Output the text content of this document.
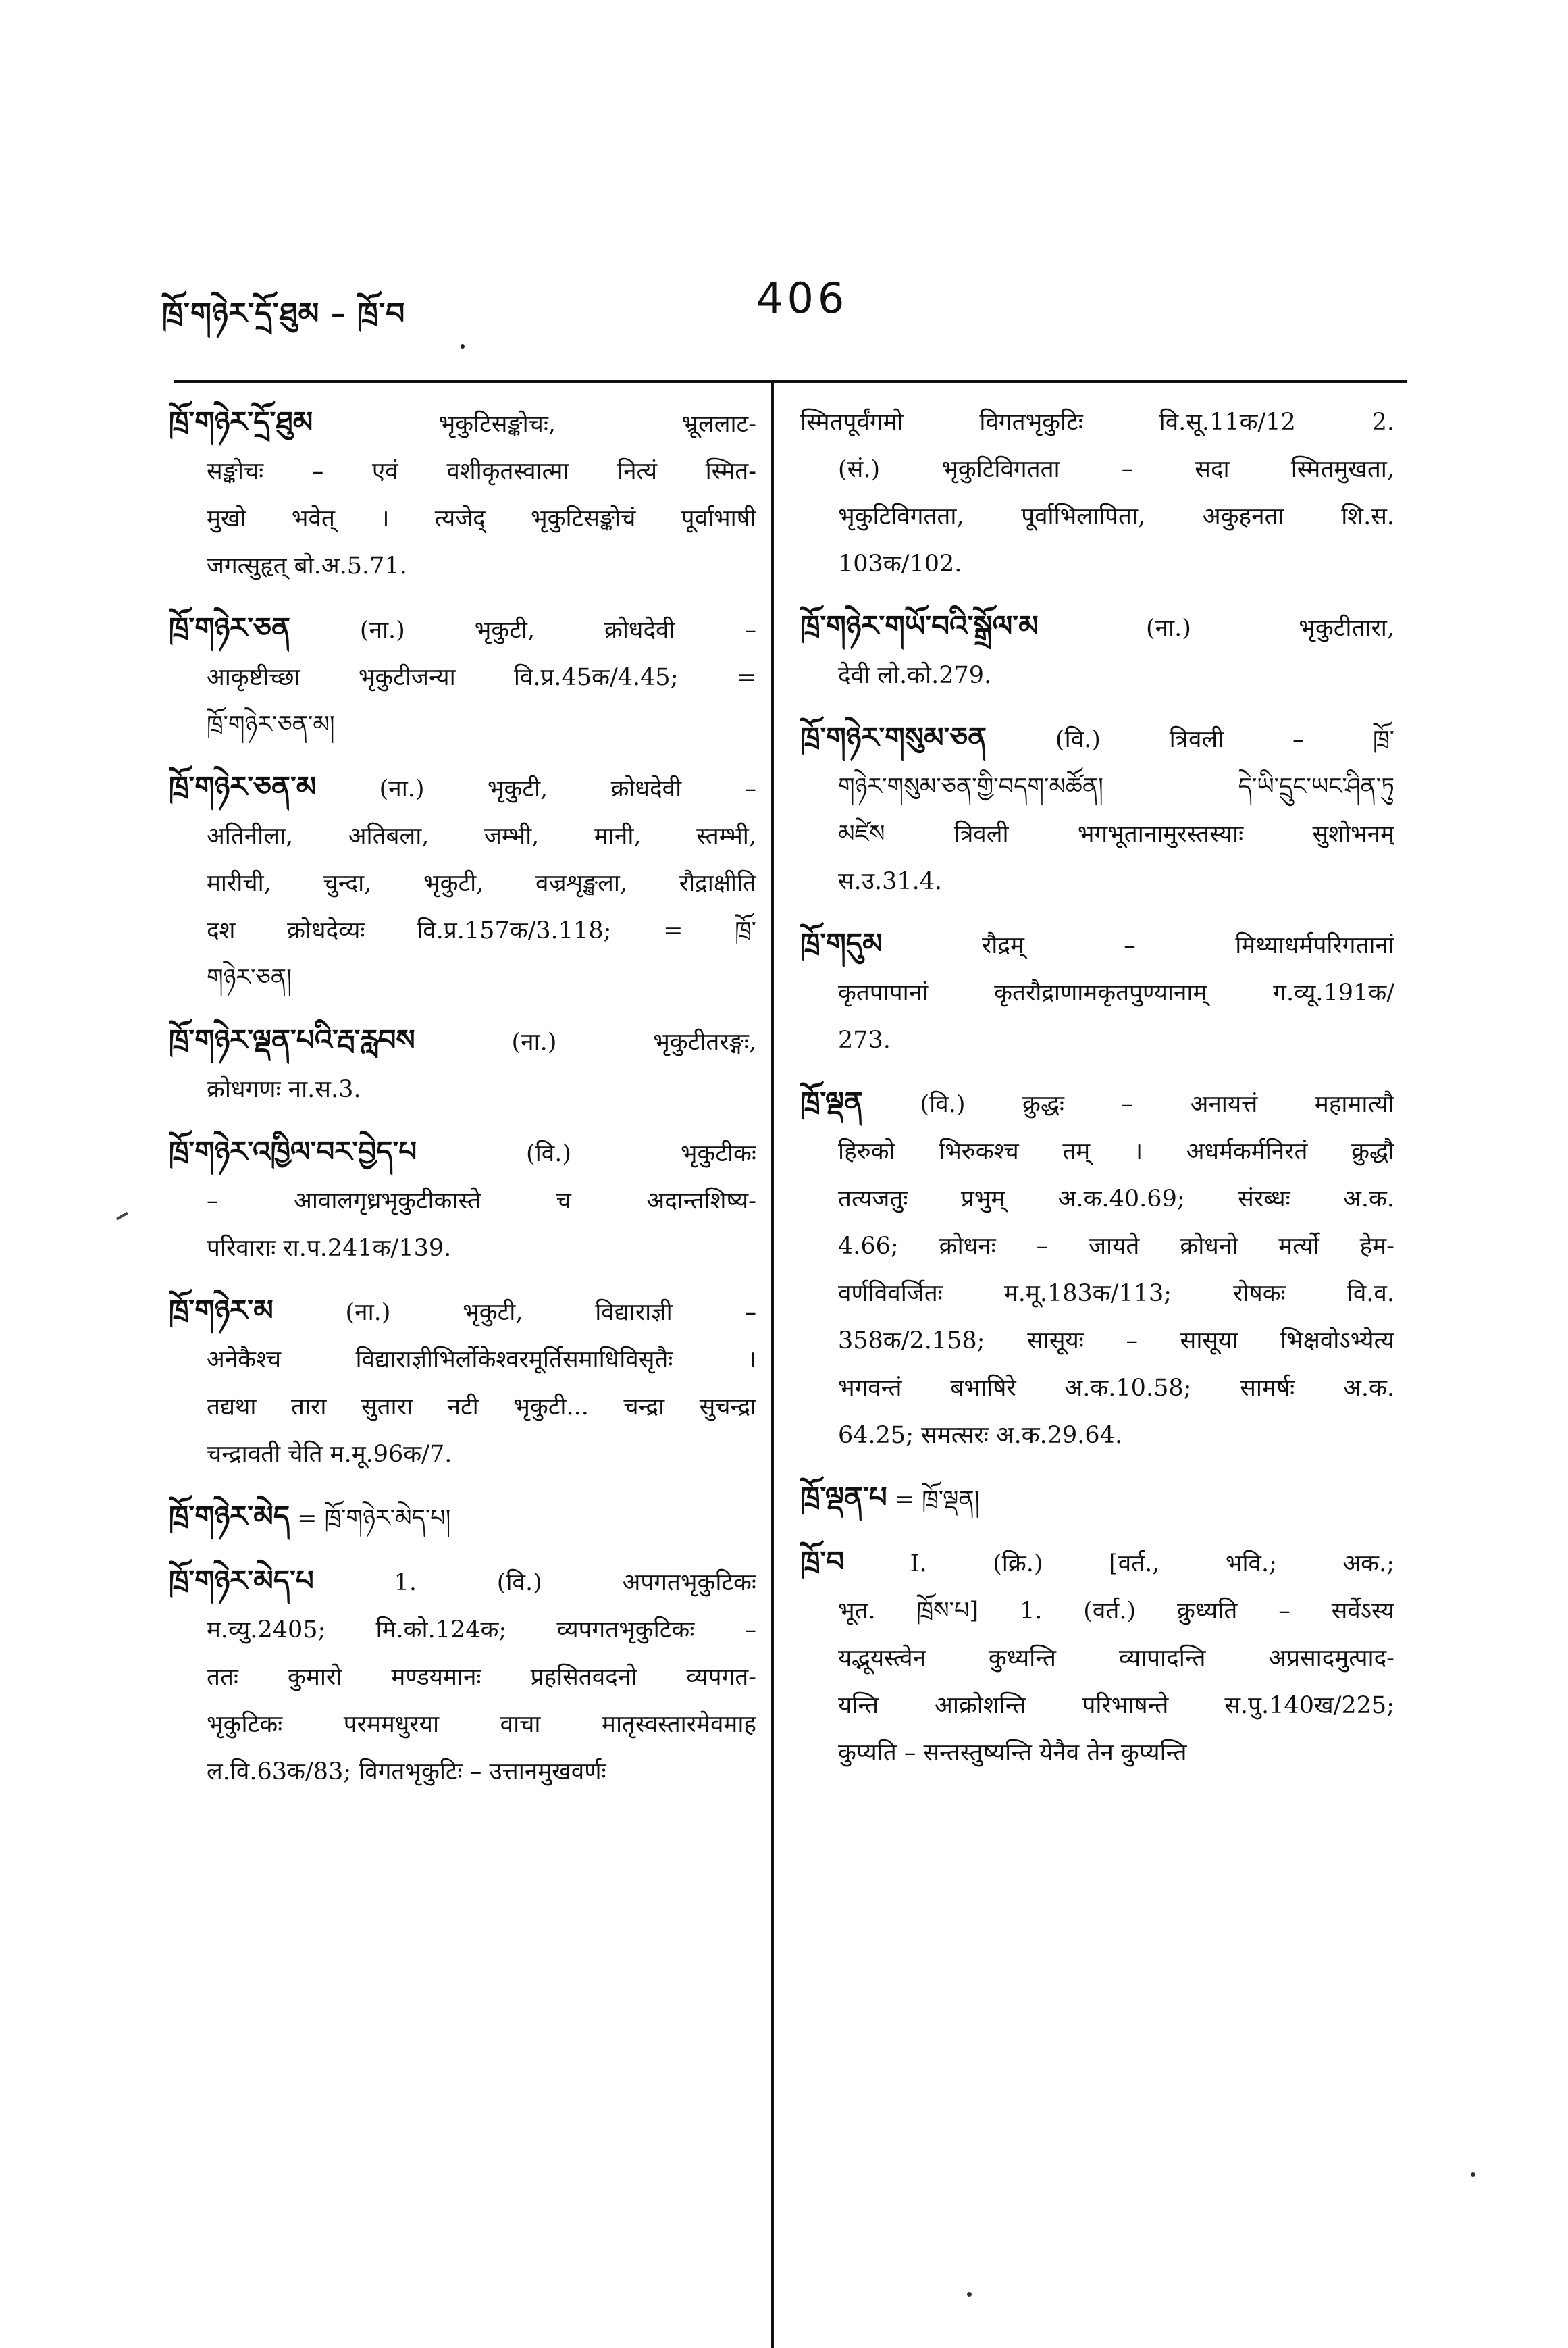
ཁྲོ་གཉེར་དྲོ་ཐུམ – ཁྲོ་བ	406
ཁྲོ་གཉེར་དྲོ་ཐུམ भृकुटिसङ्कोचः, भ्रूललाट-
सङ्कोचः – एवं वशीकृतस्वात्मा नित्यं स्मित-
मुखो भवेत् । त्यजेद् भृकुटिसङ्कोचं पूर्वाभाषी
जगत्सुहृत् बो.अ.5.71.
ཁྲོ་གཉེར་ཅན (ना.) भृकुटी, क्रोधदेवी –
आकृष्टीच्छा भृकुटीजन्या वि.प्र.45क/4.45; =
ཁྲོ་གཉེར་ཅན་མ།
ཁྲོ་གཉེར་ཅན་མ (ना.) भृकुटी, क्रोधदेवी –
अतिनीला, अतिबला, जम्भी, मानी, स्तम्भी,
मारीची, चुन्दा, भृकुटी, वज्रशृङ्खला, रौद्राक्षीति
दश क्रोधदेव्यः वि.प्र.157क/3.118; = ཁྲོ་
གཉེར་ཅན།
ཁྲོ་གཉེར་ལྡན་པའི་རྦ་རླབས (ना.) भृकुटीतरङ्गः,
क्रोधगणः ना.स.3.
ཁྲོ་གཉེར་འཁྱིལ་བར་བྱེད་པ (वि.) भृकुटीकः
– आवालगृध्रभृकुटीकास्ते च अदान्तशिष्य-
परिवाराः रा.प.241क/139.
ཁྲོ་གཉེར་མ (ना.) भृकुटी, विद्याराज्ञी –
अनेकैश्च विद्याराज्ञीभिर्लोकेश्वरमूर्तिसमाधिविसृतैः ।
तद्यथा तारा सुतारा नटी भृकुटी... चन्द्रा सुचन्द्रा
चन्द्रावती चेति म.मू.96क/7.
ཁྲོ་གཉེར་མེད = ཁྲོ་གཉེར་མེད་པ།
ཁྲོ་གཉེར་མེད་པ 1. (वि.) अपगतभृकुटिकः
म.व्यु.2405; मि.को.124क; व्यपगतभृकुटिकः –
ततः कुमारो मण्डयमानः प्रहसितवदनो व्यपगत-
भृकुटिकः परममधुरया वाचा मातृस्वस्तारमेवमाह
ल.वि.63क/83; विगतभृकुटिः – उत्तानमुखवर्णः
स्मितपूर्वंगमो विगतभृकुटिः वि.सू.11क/12 2.
(सं.) भृकुटिविगतता – सदा स्मितमुखता,
भृकुटिविगतता, पूर्वाभिलापिता, अकुहनता शि.स.
103क/102.
ཁྲོ་གཉེར་གཡོ་བའི་སྒྲོལ་མ (ना.) भृकुटीतारा,
देवी लो.को.279.
ཁྲོ་གཉེར་གསུམ་ཅན (वि.) त्रिवली – ཁྲོ་
གཉེར་གསུམ་ཅན་གྱི་བདག་མཚོན། དེ་ཡི་དྲུང་ཡང་ཤིན་ཏུ
མཛེས त्रिवली भगभूतानामुरस्तस्याः सुशोभनम्
स.उ.31.4.
ཁྲོ་གདུམ रौद्रम् – मिथ्याधर्मपरिगतानां
कृतपापानां कृतरौद्राणामकृतपुण्यानाम् ग.व्यू.191क/
273.
ཁྲོ་ལྡན (वि.) क्रुद्धः – अनायत्तं महामात्यौ
हिरुको भिरुकश्च तम् । अधर्मकर्मनिरतं क्रुद्धौ
तत्यजतुः प्रभुम् अ.क.40.69; संरब्धः अ.क.
4.66; क्रोधनः – जायते क्रोधनो मर्त्यो हेम-
वर्णविवर्जितः म.मू.183क/113; रोषकः वि.व.
358क/2.158; सासूयः – सासूया भिक्षवोऽभ्येत्य
भगवन्तं बभाषिरे अ.क.10.58; सामर्षः अ.क.
64.25; समत्सरः अ.क.29.64.
ཁྲོ་ལྡན་པ = ཁྲོ་ལྡན།
ཁྲོ་བ I. (क्रि.) [वर्त., भवि.; अक.;
भूत. ཁྲོས་པ] 1. (वर्त.) क्रुध्यति – सर्वेऽस्य
यद्भूयस्त्वेन कुध्यन्ति व्यापादन्ति अप्रसादमुत्पाद-
यन्ति आक्रोशन्ति परिभाषन्ते स.पु.140ख/225;
कुप्यति – सन्तस्तुष्यन्ति येनैव तेन कुप्यन्ति
